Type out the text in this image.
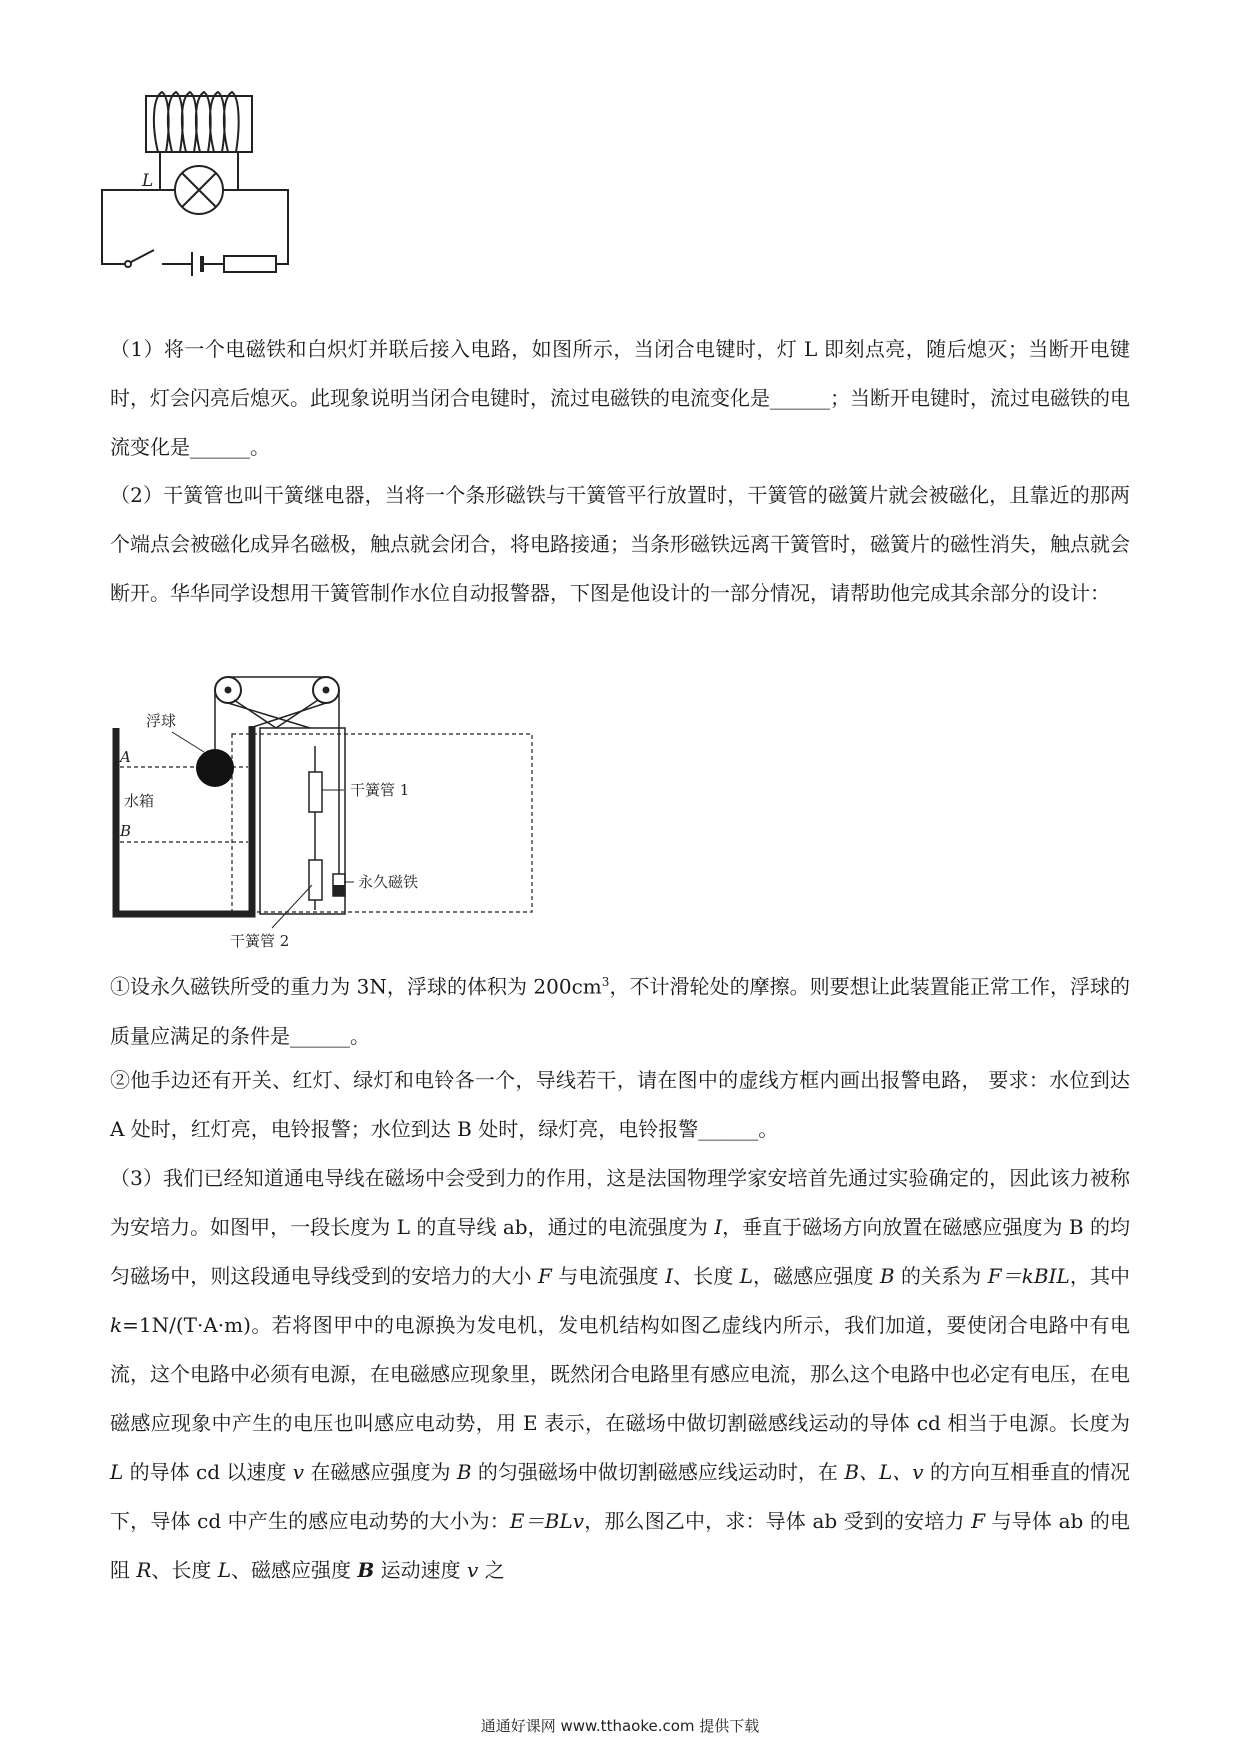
L

（1）将一个电磁铁和白炽灯并联后接入电路，如图所示，当闭合电键时，灯 L 即刻点亮，随后熄灭；当断开电键时，灯会闪亮后熄灭。此现象说明当闭合电键时，流过电磁铁的电流变化是______；当断开电键时，流过电磁铁的电流变化是______。

（2）干簧管也叫干簧继电器，当将一个条形磁铁与干簧管平行放置时，干簧管的磁簧片就会被磁化，且靠近的那两个端点会被磁化成异名磁极，触点就会闭合，将电路接通；当条形磁铁远离干簧管时，磁簧片的磁性消失，触点就会断开。华华同学设想用干簧管制作水位自动报警器，下图是他设计的一部分情况，请帮助他完成其余部分的设计：

浮球
A
水箱
B
干簧管 1
永久磁铁
干簧管 2

①设永久磁铁所受的重力为 3N，浮球的体积为 $200cm^3$，不计滑轮处的摩擦。则要想让此装置能正常工作，浮球的质量应满足的条件是______。

②他手边还有开关、红灯、绿灯和电铃各一个，导线若干，请在图中的虚线方框内画出报警电路， 要求：水位到达 A 处时，红灯亮，电铃报警；水位到达 B 处时，绿灯亮，电铃报警______。

（3）我们已经知道通电导线在磁场中会受到力的作用，这是法国物理学家安培首先通过实验确定的，因此该力被称为安培力。如图甲，一段长度为 L 的直导线 ab，通过的电流强度为 I，垂直于磁场方向放置在磁感应强度为 B 的均匀磁场中，则这段通电导线受到的安培力的大小 F 与电流强度 I、长度 L，磁感应强度 B 的关系为 F＝kBIL，其中 k=1N/(T·A·m)。若将图甲中的电源换为发电机，发电机结构如图乙虚线内所示，我们加道，要使闭合电路中有电流，这个电路中必须有电源，在电磁感应现象里，既然闭合电路里有感应电流，那么这个电路中也必定有电压，在电磁感应现象中产生的电压也叫感应电动势，用 E 表示，在磁场中做切割磁感线运动的导体 cd 相当于电源。长度为 L 的导体 cd 以速度 v 在磁感应强度为 B 的匀强磁场中做切割磁感应线运动时，在 B、L、v 的方向互相垂直的情况下，导体 cd 中产生的感应电动势的大小为：E＝BLv，那么图乙中，求：导体 ab 受到的安培力 F 与导体 ab 的电阻 R、长度 L、磁感应强度 B 运动速度 v 之

通通好课网 www.tthaoke.com 提供下载
